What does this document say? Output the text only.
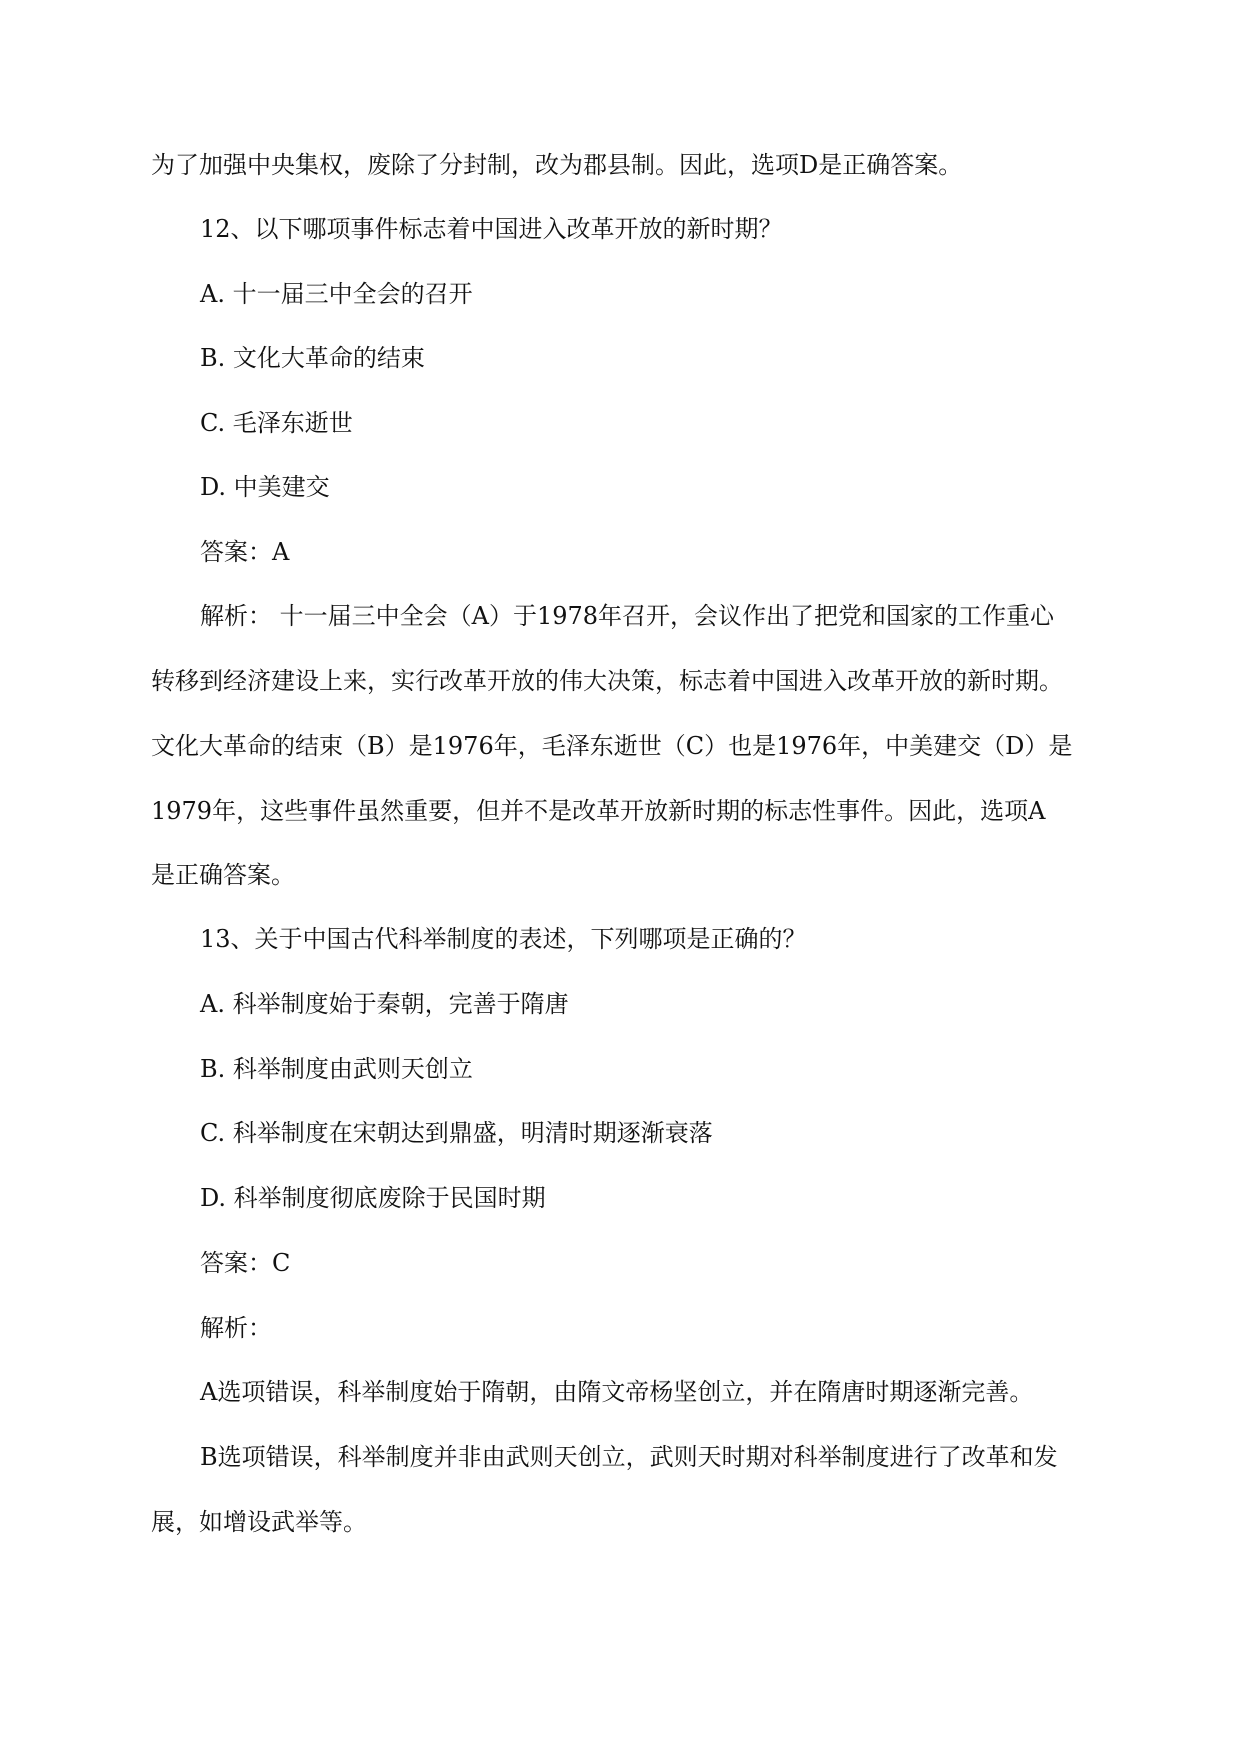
为了加强中央集权，废除了分封制，改为郡县制。因此，选项D是正确答案。
12、以下哪项事件标志着中国进入改革开放的新时期？
A. 十一届三中全会的召开
B. 文化大革命的结束
C. 毛泽东逝世
D. 中美建交
答案：A
解析： 十一届三中全会（A）于1978年召开，会议作出了把党和国家的工作重心
转移到经济建设上来，实行改革开放的伟大决策，标志着中国进入改革开放的新时期。
文化大革命的结束（B）是1976年，毛泽东逝世（C）也是1976年，中美建交（D）是
1979年，这些事件虽然重要，但并不是改革开放新时期的标志性事件。因此，选项A
是正确答案。
13、关于中国古代科举制度的表述，下列哪项是正确的？
A. 科举制度始于秦朝，完善于隋唐
B. 科举制度由武则天创立
C. 科举制度在宋朝达到鼎盛，明清时期逐渐衰落
D. 科举制度彻底废除于民国时期
答案：C
解析：
A选项错误，科举制度始于隋朝，由隋文帝杨坚创立，并在隋唐时期逐渐完善。
B选项错误，科举制度并非由武则天创立，武则天时期对科举制度进行了改革和发
展，如增设武举等。
